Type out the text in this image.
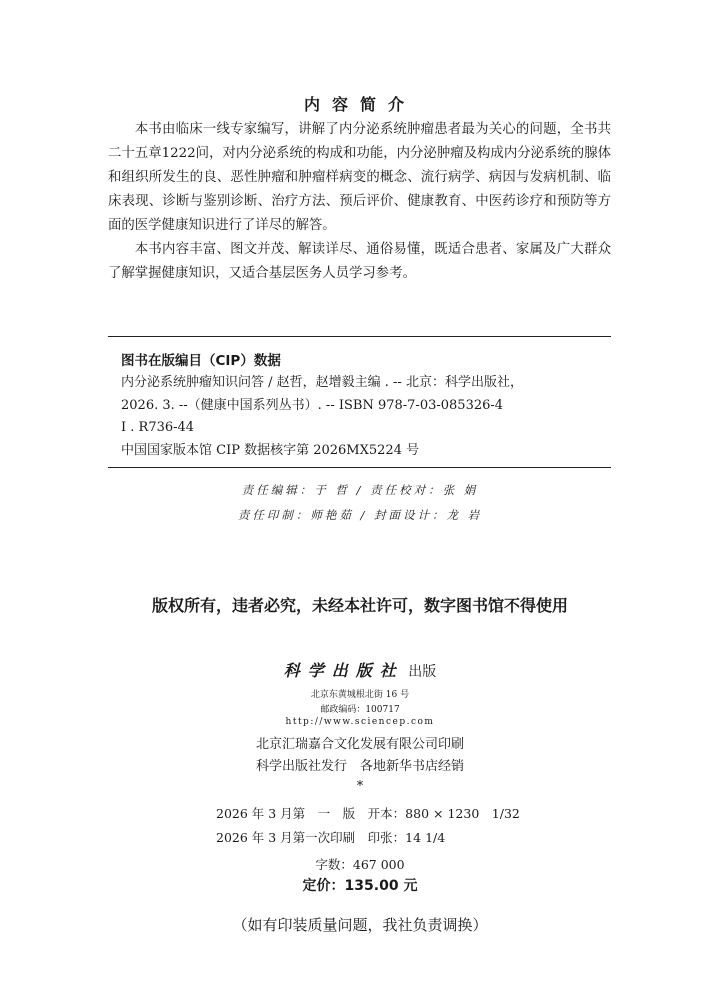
内容简介

本书由临床一线专家编写，讲解了内分泌系统肿瘤患者最为关心的问题，全书共二十五章1222问，对内分泌系统的构成和功能，内分泌肿瘤及构成内分泌系统的腺体和组织所发生的良、恶性肿瘤和肿瘤样病变的概念、流行病学、病因与发病机制、临床表现、诊断与鉴别诊断、治疗方法、预后评价、健康教育、中医药诊疗和预防等方面的医学健康知识进行了详尽的解答。

本书内容丰富、图文并茂、解读详尽、通俗易懂，既适合患者、家属及广大群众了解掌握健康知识，又适合基层医务人员学习参考。

图书在版编目（CIP）数据
内分泌系统肿瘤知识问答 / 赵哲，赵增毅主编 . -- 北京：科学出版社，
2026. 3. --（健康中国系列丛书）. -- ISBN 978-7-03-085326-4
Ⅰ . R736-44
中国国家版本馆 CIP 数据核字第 2026MX5224 号
责任编辑：于 哲 / 责任校对：张 娟
责任印制：师艳茹 / 封面设计：龙 岩
版权所有，违者必究，未经本社许可，数字图书馆不得使用
科学出版社 出版
北京东黄城根北街 16 号
邮政编码：100717
http://www.sciencep.com
北京汇瑞嘉合文化发展有限公司印刷
科学出版社发行　各地新华书店经销
*
2026 年 3 月第　一　版　开本：880 × 1230　1/32
2026 年 3 月第一次印刷　印张：14 1/4
字数：467 000
定价：135.00 元
（如有印装质量问题，我社负责调换）
